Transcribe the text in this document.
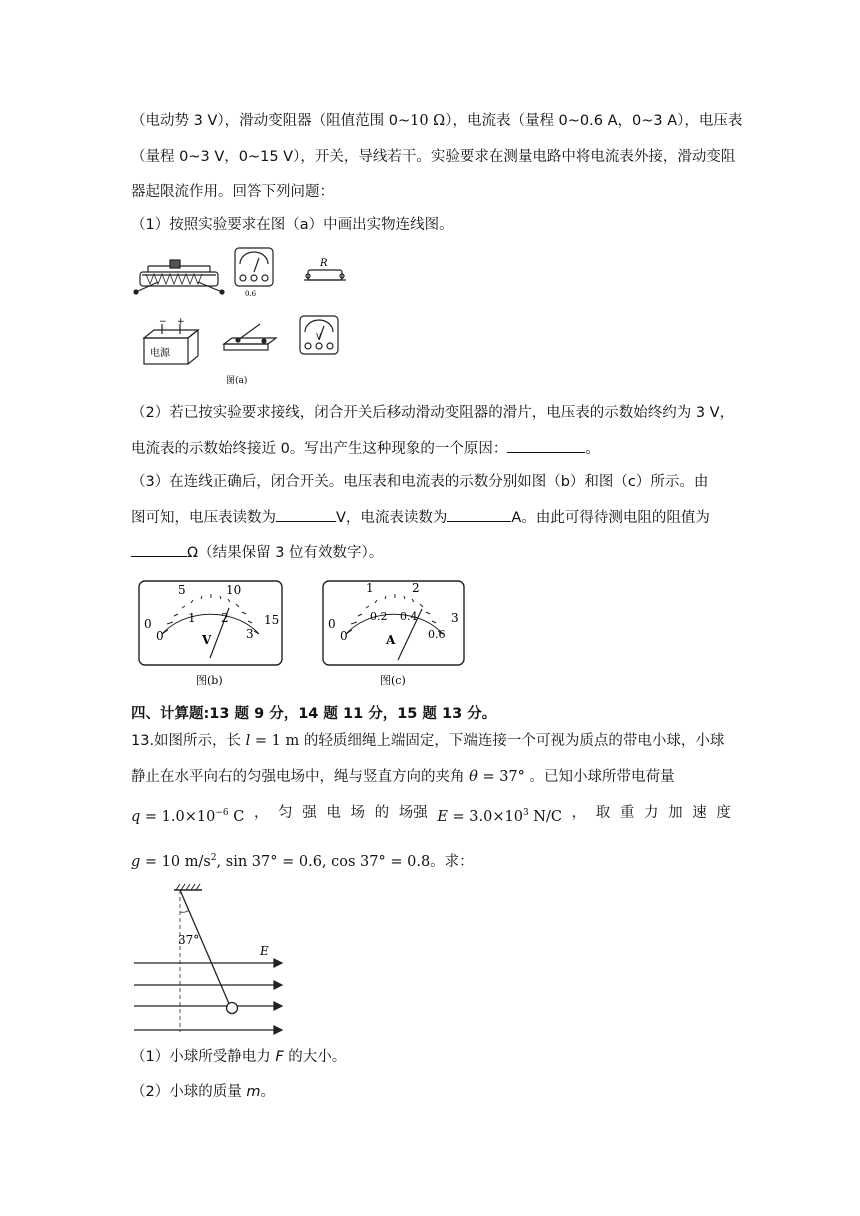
（电动势 3 V），滑动变阻器（阻值范围 0~10 Ω），电流表（量程 0~0.6 A，0~3 A），电压表
（量程 0~3 V，0~15 V），开关，导线若干。实验要求在测量电路中将电流表外接，滑动变阻
器起限流作用。回答下列问题：
（1）按照实验要求在图（a）中画出实物连线图。
0.6
R
− +
电源
V
图(a)
（2）若已按实验要求接线，闭合开关后移动滑动变阻器的滑片，电压表的示数始终约为 3 V，
电流表的示数始终接近 0。写出产生这种现象的一个原因：	。
（3）在连线正确后，闭合开关。电压表和电流表的示数分别如图（b）和图（c）所示。由
图可知，电压表读数为	V，电流表读数为	A。由此可得待测电阻的阻值为
Ω（结果保留 3 位有效数字）。
0
5	10
15
0
1 2
3
V
图(b)
0
1	2
3
0
0.2 0.4
0.6
A
图(c)
四、计算题:13 题 9 分，14 题 11 分，15 题 13 分。
13.如图所示，长 l = 1 m 的轻质细绳上端固定，下端连接一个可视为质点的带电小球，小球
静止在水平向右的匀强电场中，绳与竖直方向的夹角 θ = 37° 。已知小球所带电荷量
$q = 1.0\times 10^{-6}$ C ， 匀 强 电 场 的 场强 $E = 3.0\times 10^3$ N/C ， 取 重 力 加 速 度
g = 10 $m/s^2$, sin 37° = 0.6, cos 37° = 0.8。求：
37°
E
（1）小球所受静电力 F 的大小。
（2）小球的质量 m。
